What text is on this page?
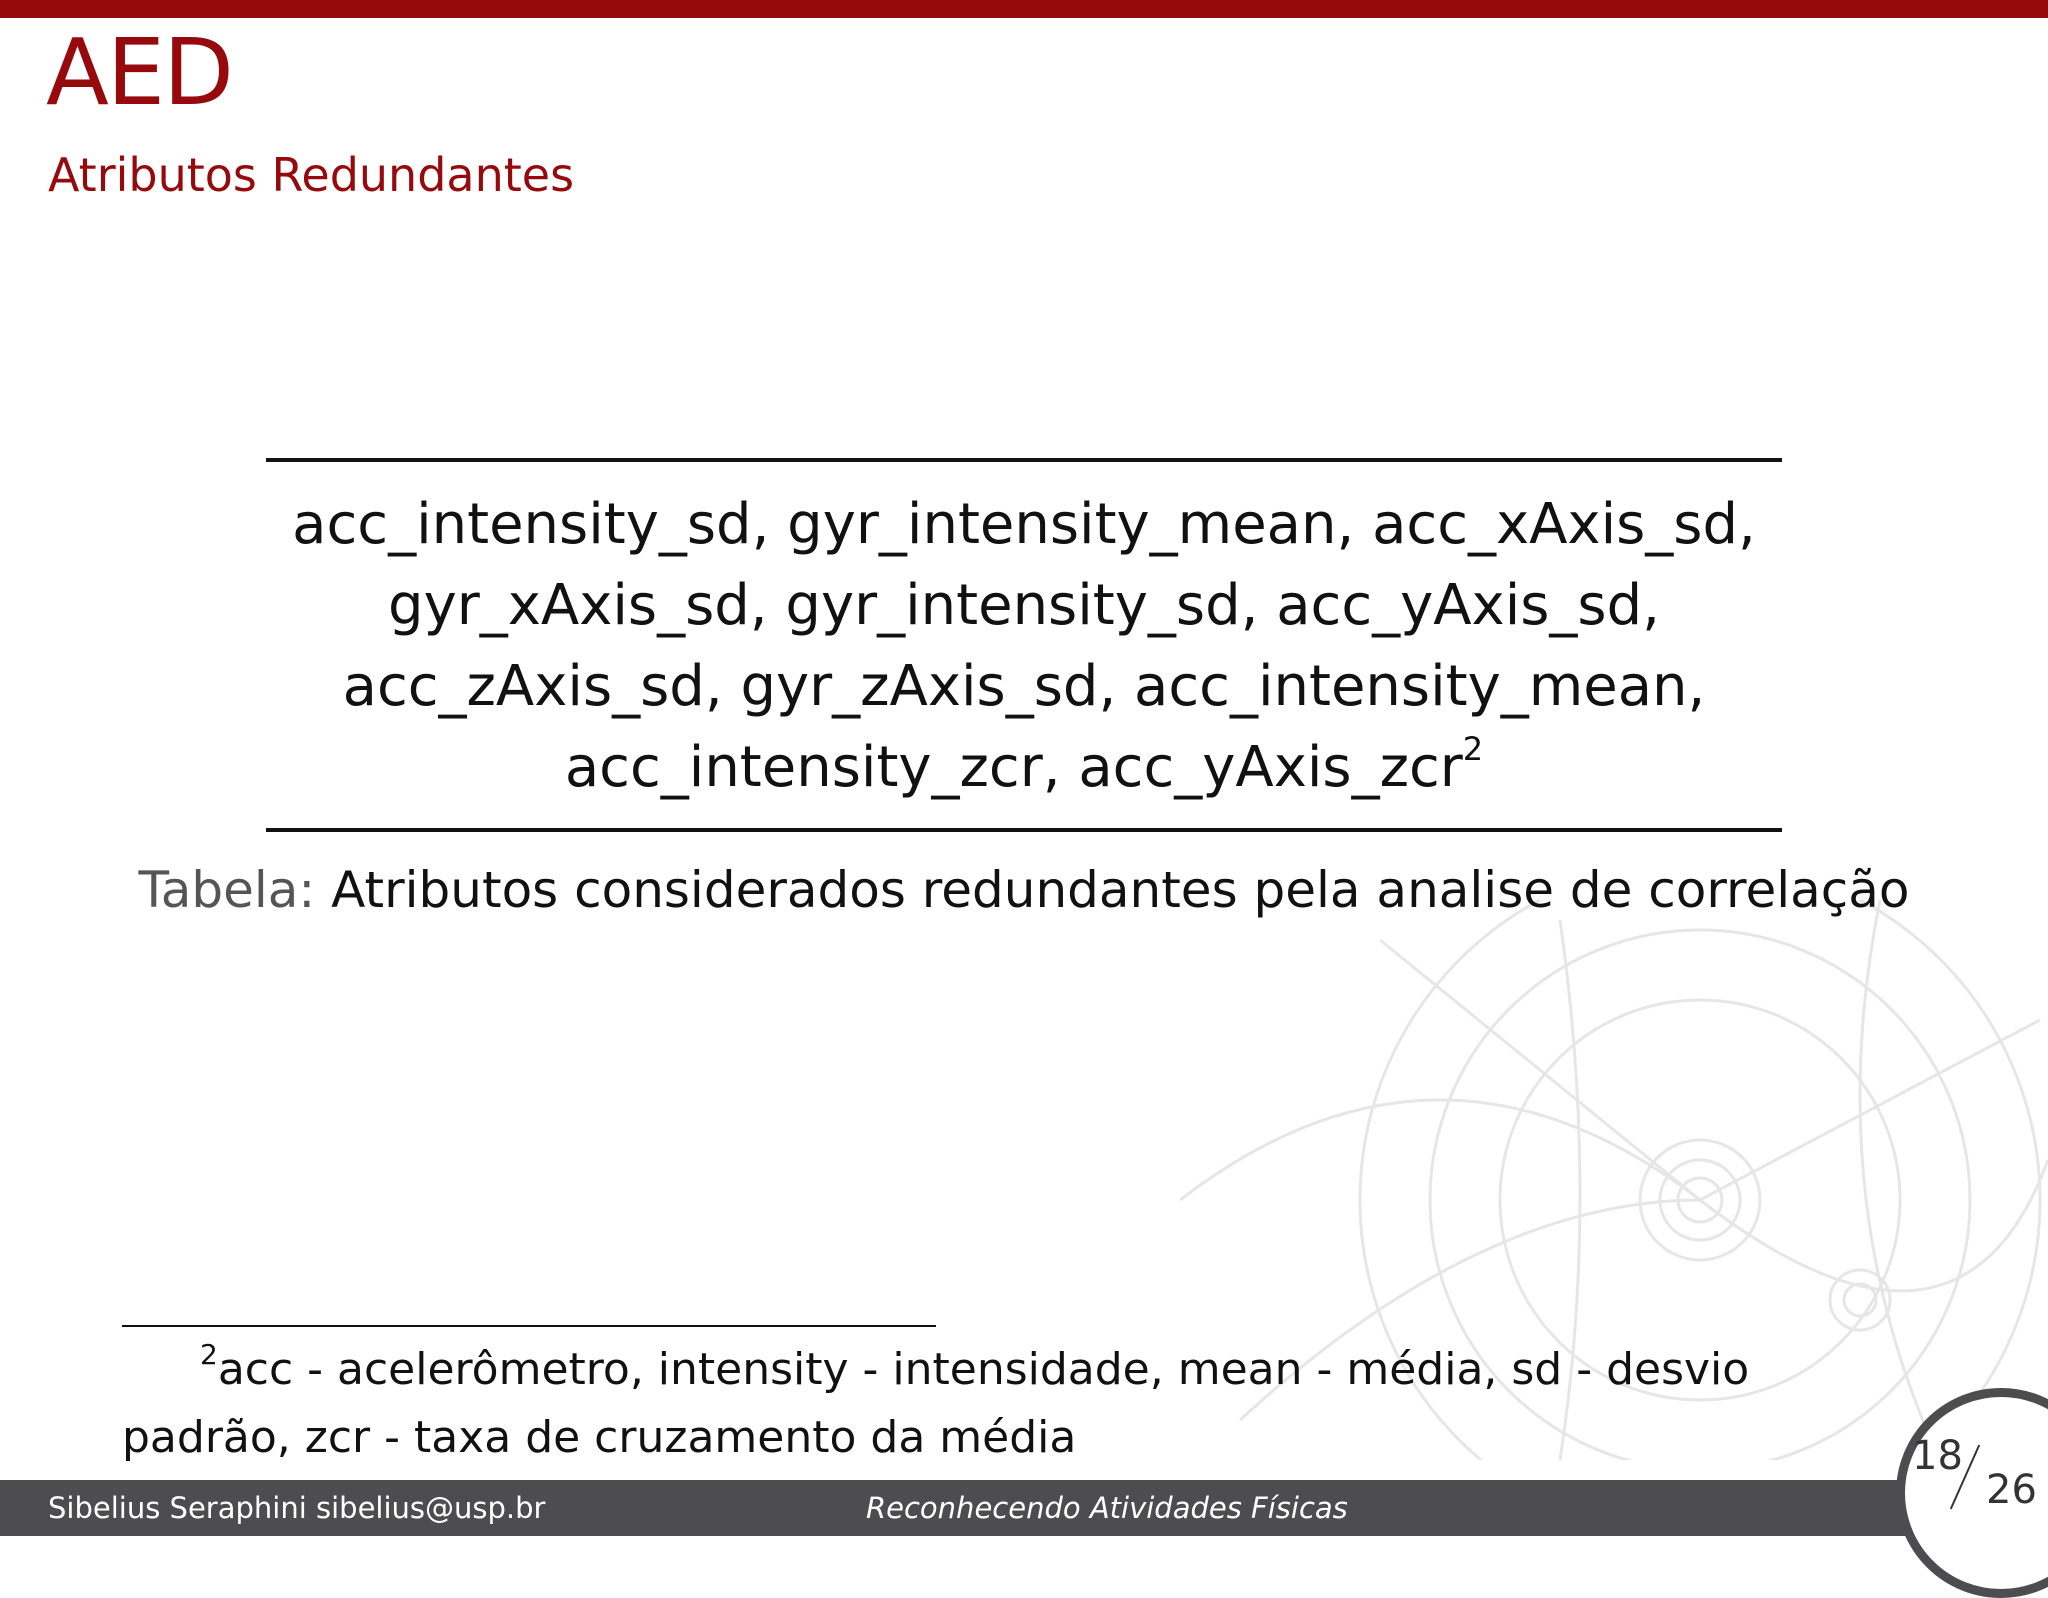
AED
Atributos Redundantes
acc_intensity_sd, gyr_intensity_mean, acc_xAxis_sd,
gyr_xAxis_sd, gyr_intensity_sd, acc_yAxis_sd,
acc_zAxis_sd, gyr_zAxis_sd, acc_intensity_mean,
acc_intensity_zcr, acc_yAxis_zcr$^2$
Tabela: Atributos considerados redundantes pela analise de correlação
$^2$acc - acelerômetro, intensity - intensidade, mean - média, sd - desvio padrão, zcr - taxa de cruzamento da média
Sibelius Seraphini sibelius@usp.br	Reconhecendo Atividades Físicas
18
26
